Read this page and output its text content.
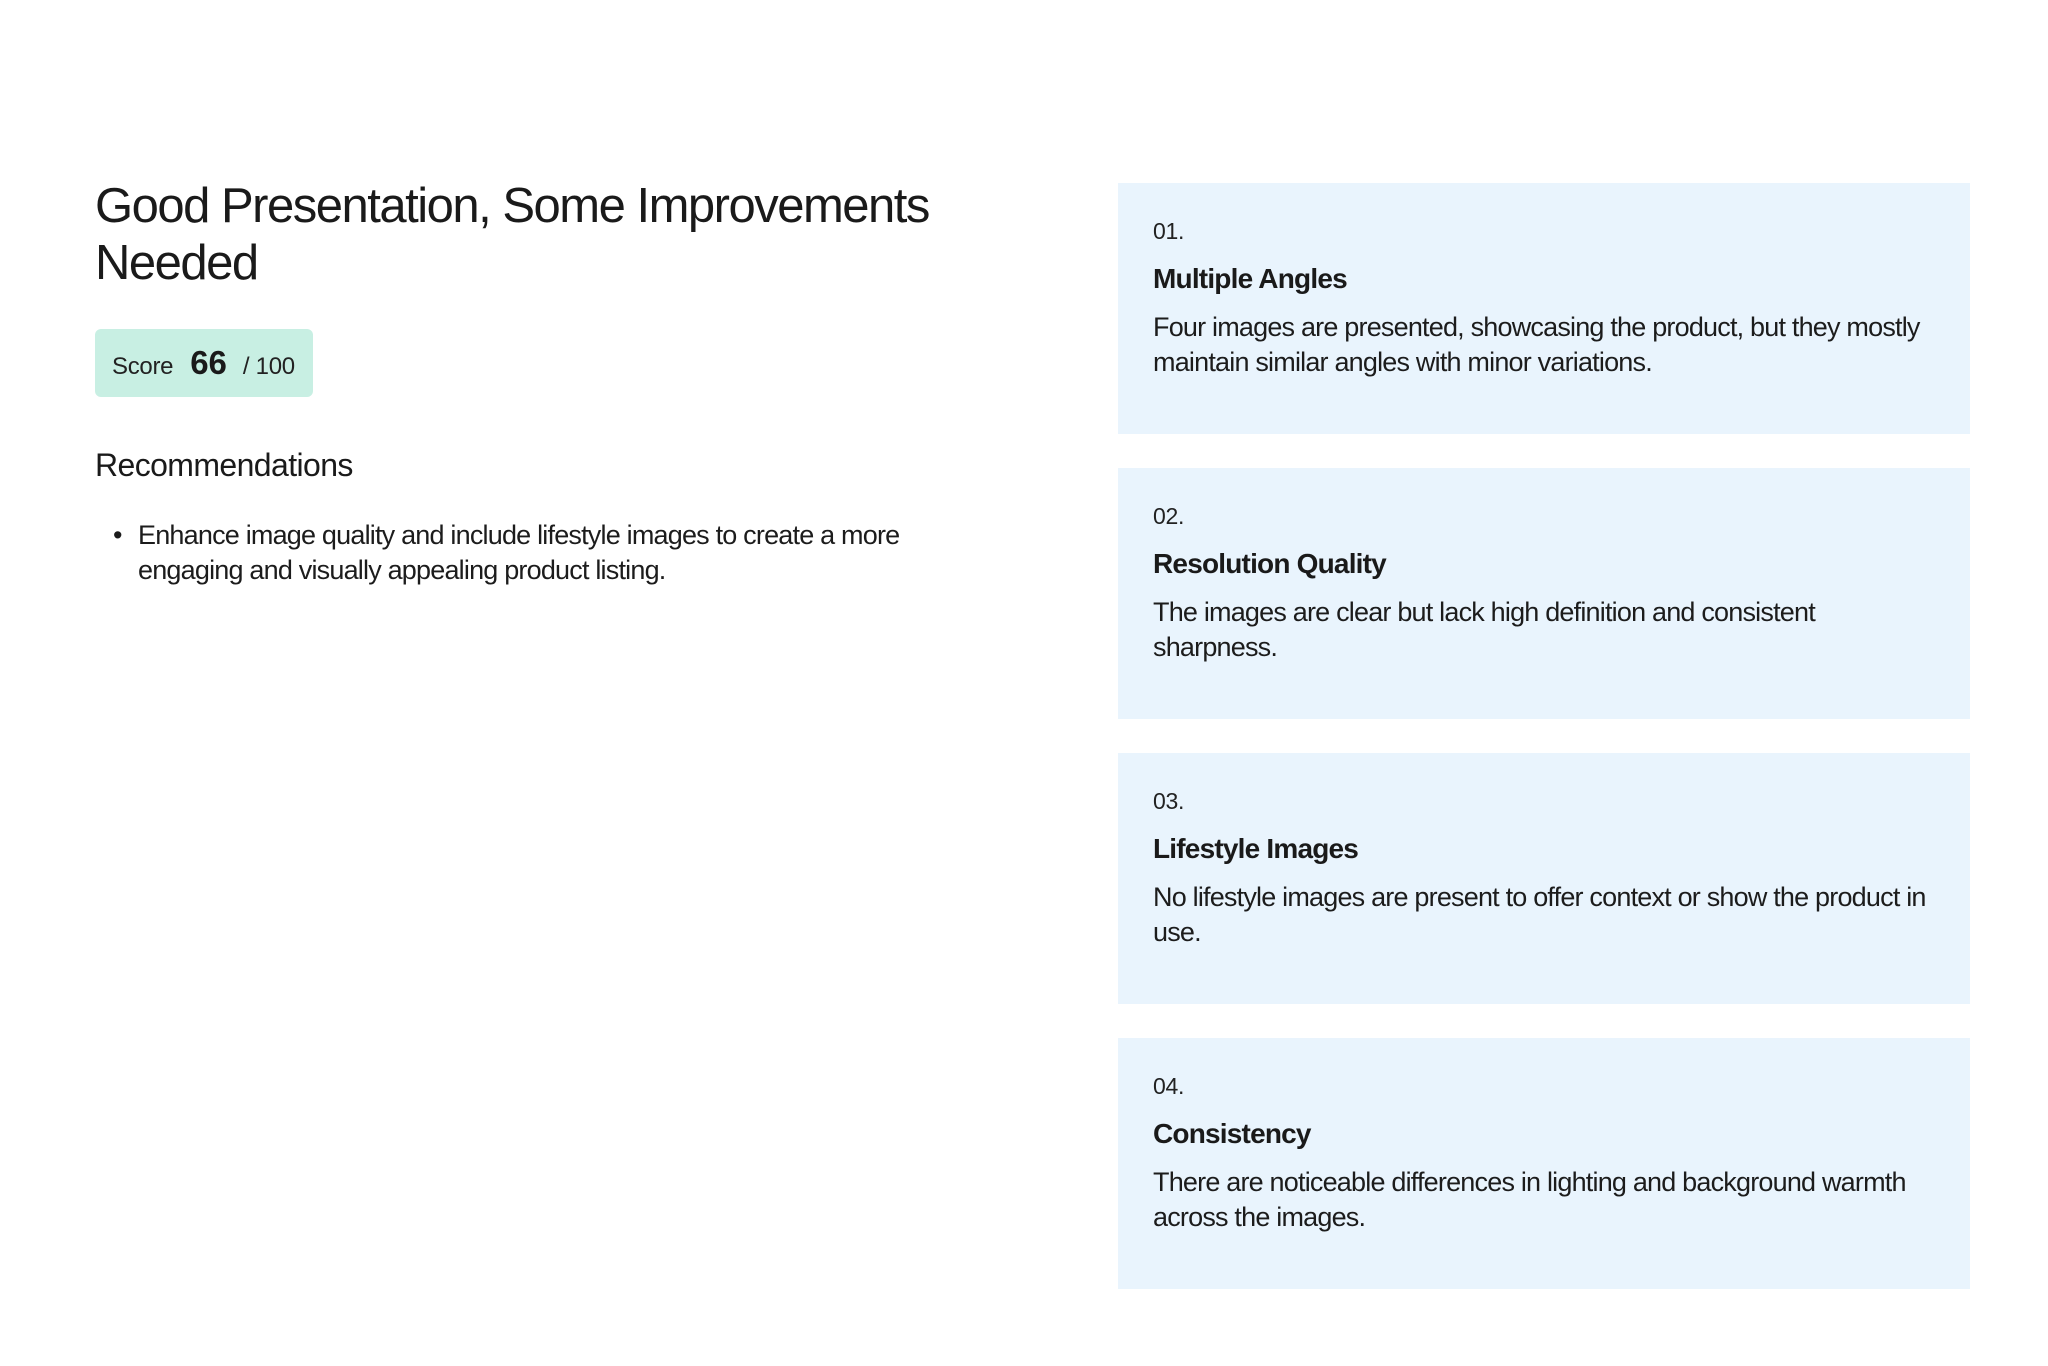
Good Presentation, Some Improvements Needed
Score 66 / 100
Recommendations
• Enhance image quality and include lifestyle images to create a more engaging and visually appealing product listing.
01.
Multiple Angles
Four images are presented, showcasing the product, but they mostly maintain similar angles with minor variations.
02.
Resolution Quality
The images are clear but lack high definition and consistent sharpness.
03.
Lifestyle Images
No lifestyle images are present to offer context or show the product in use.
04.
Consistency
There are noticeable differences in lighting and background warmth across the images.
